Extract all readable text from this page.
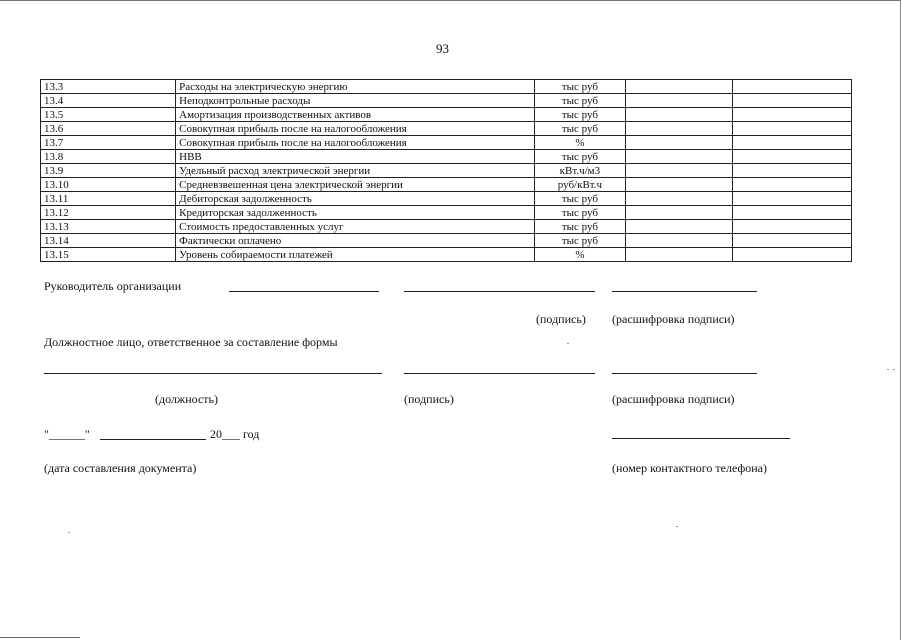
93
13.3	Расходы на электрическую энергию	тыс руб		
13.4	Неподконтрольные расходы	тыс руб		
13.5	Амортизация производственных активов	тыс руб		
13.6	Совокупная прибыль после на налогообложения	тыс руб		
13.7	Совокупная прибыль после на налогообложения	%		
13.8	НВВ	тыс руб		
13.9	Удельный расход электрической энергии	кВт.ч/м3		
13.10	Средневзвешенная цена электрической энергии	руб/кВт.ч		
13.11	Дебиторская задолженность	тыс руб		
13.12	Кредиторская задолженность	тыс руб		
13.13	Стоимость предоставленных услуг	тыс руб		
13.14	Фактически оплачено	тыс руб		
13.15	Уровень собираемости платежей	%		
Руководитель организации
(подпись) (расшифровка подписи)
Должностное лицо, ответственное за составление формы
(должность)	(подпись)	(расшифровка подписи)
"______"	20___ год
(дата составления документа)	(номер контактного телефона)
